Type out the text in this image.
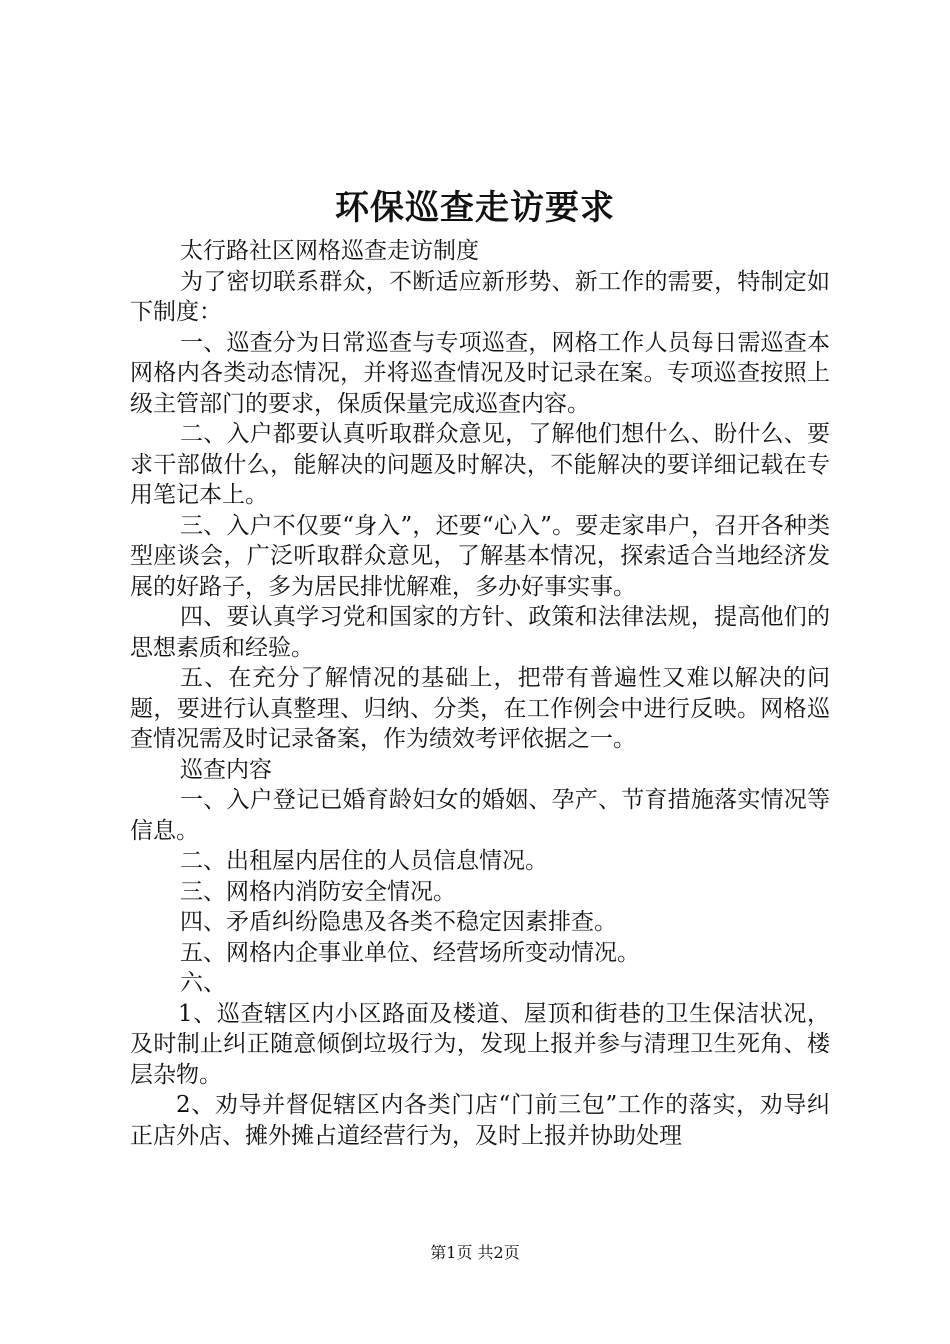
环保巡查走访要求

太行路社区网格巡查走访制度

为了密切联系群众，不断适应新形势、新工作的需要，特制定如下制度：

一、巡查分为日常巡查与专项巡查，网格工作人员每日需巡查本网格内各类动态情况，并将巡查情况及时记录在案。专项巡查按照上级主管部门的要求，保质保量完成巡查内容。

二、入户都要认真听取群众意见，了解他们想什么、盼什么、要求干部做什么，能解决的问题及时解决，不能解决的要详细记载在专用笔记本上。

三、入户不仅要“身入”，还要“心入”。要走家串户，召开各种类型座谈会，广泛听取群众意见，了解基本情况，探索适合当地经济发展的好路子，多为居民排忧解难，多办好事实事。

四、要认真学习党和国家的方针、政策和法律法规，提高他们的思想素质和经验。

五、在充分了解情况的基础上，把带有普遍性又难以解决的问题，要进行认真整理、归纳、分类，在工作例会中进行反映。网格巡查情况需及时记录备案，作为绩效考评依据之一。

巡查内容

一、入户登记已婚育龄妇女的婚姻、孕产、节育措施落实情况等信息。

二、出租屋内居住的人员信息情况。

三、网格内消防安全情况。

四、矛盾纠纷隐患及各类不稳定因素排查。

五、网格内企事业单位、经营场所变动情况。

六、

1、巡查辖区内小区路面及楼道、屋顶和街巷的卫生保洁状况，及时制止纠正随意倾倒垃圾行为，发现上报并参与清理卫生死角、楼层杂物。

2、劝导并督促辖区内各类门店“门前三包”工作的落实，劝导纠正店外店、摊外摊占道经营行为，及时上报并协助处理

第1页 共2页
